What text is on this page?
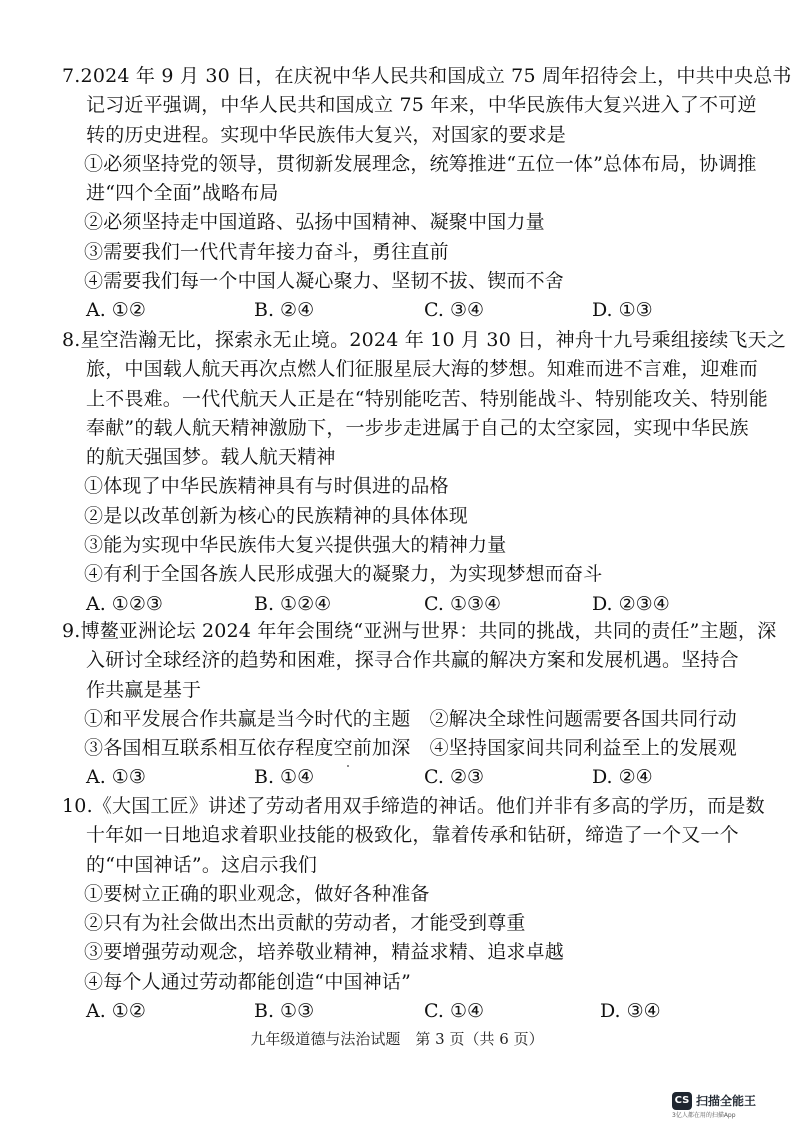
7.2024 年 9 月 30 日，在庆祝中华人民共和国成立 75 周年招待会上，中共中央总书
记习近平强调，中华人民共和国成立 75 年来，中华民族伟大复兴进入了不可逆
转的历史进程。实现中华民族伟大复兴，对国家的要求是
①必须坚持党的领导，贯彻新发展理念，统筹推进“五位一体”总体布局，协调推
进“四个全面”战略布局
②必须坚持走中国道路、弘扬中国精神、凝聚中国力量
③需要我们一代代青年接力奋斗，勇往直前
④需要我们每一个中国人凝心聚力、坚韧不拔、锲而不舍
A. ①②	B. ②④	C. ③④	D. ①③
8.星空浩瀚无比，探索永无止境。2024 年 10 月 30 日，神舟十九号乘组接续飞天之
旅，中国载人航天再次点燃人们征服星辰大海的梦想。知难而进不言难，迎难而
上不畏难。一代代航天人正是在“特别能吃苦、特别能战斗、特别能攻关、特别能
奉献”的载人航天精神激励下，一步步走进属于自己的太空家园，实现中华民族
的航天强国梦。载人航天精神
①体现了中华民族精神具有与时俱进的品格
②是以改革创新为核心的民族精神的具体体现
③能为实现中华民族伟大复兴提供强大的精神力量
④有利于全国各族人民形成强大的凝聚力，为实现梦想而奋斗
A. ①②③	B. ①②④	C. ①③④	D. ②③④
9.博鳌亚洲论坛 2024 年年会围绕“亚洲与世界：共同的挑战，共同的责任”主题，深
入研讨全球经济的趋势和困难，探寻合作共赢的解决方案和发展机遇。坚持合
作共赢是基于
①和平发展合作共赢是当今时代的主题　②解决全球性问题需要各国共同行动
③各国相互联系相互依存程度空前加深　④坚持国家间共同利益至上的发展观
A. ①③	B. ①④	C. ②③	D. ②④
10.《大国工匠》讲述了劳动者用双手缔造的神话。他们并非有多高的学历，而是数
十年如一日地追求着职业技能的极致化，靠着传承和钻研，缔造了一个又一个
的“中国神话”。这启示我们
①要树立正确的职业观念，做好各种准备
②只有为社会做出杰出贡献的劳动者，才能受到尊重
③要增强劳动观念，培养敬业精神，精益求精、追求卓越
④每个人通过劳动都能创造“中国神话”
A. ①②	B. ①③	C. ①④	D. ③④
九年级道德与法治试题　第 3 页（共 6 页）
CS 扫描全能王
3亿人都在用的扫描App
